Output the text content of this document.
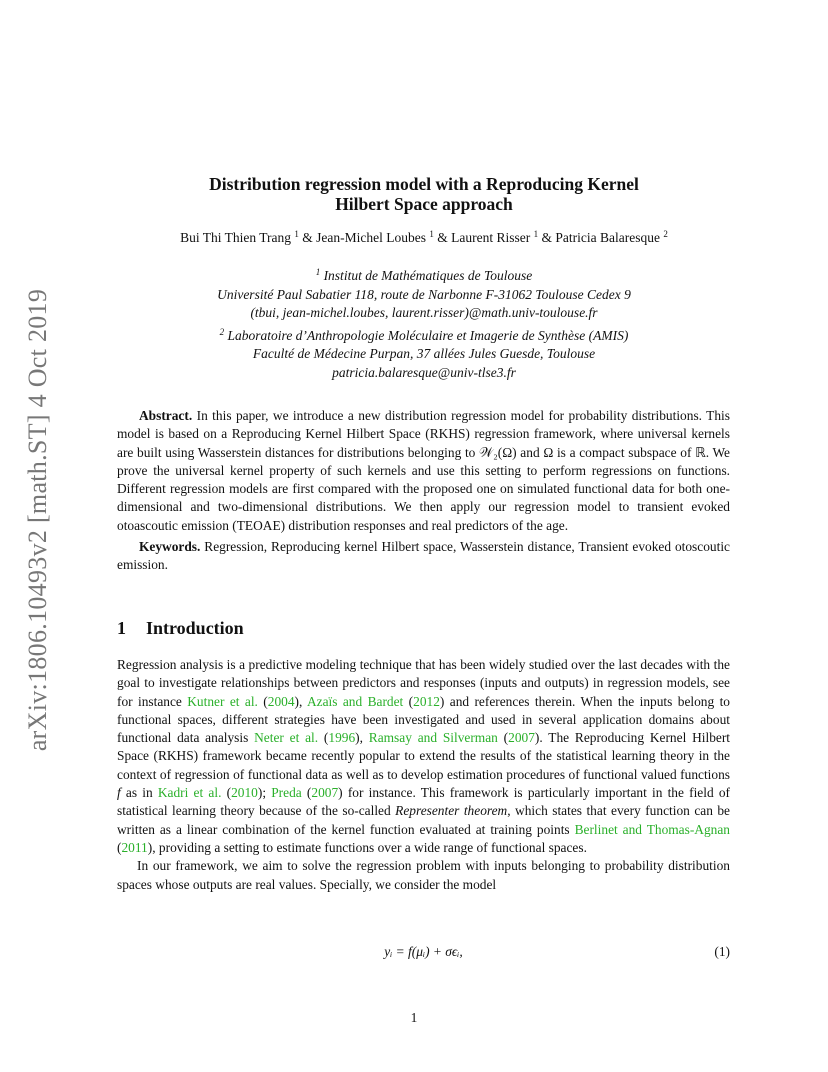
arXiv:1806.10493v2 [math.ST] 4 Oct 2019
Distribution regression model with a Reproducing Kernel
Hilbert Space approach
Bui Thi Thien Trang $^1$ & Jean-Michel Loubes $^1$ & Laurent Risser $^1$ & Patricia Balaresque $^2$
$^1$ Institut de Mathématiques de Toulouse
Université Paul Sabatier 118, route de Narbonne F-31062 Toulouse Cedex 9
(tbui, jean-michel.loubes, laurent.risser)@math.univ-toulouse.fr
$^2$ Laboratoire d’Anthropologie Moléculaire et Imagerie de Synthèse (AMIS)
Faculté de Médecine Purpan, 37 allées Jules Guesde, Toulouse
patricia.balaresque@univ-tlse3.fr

Abstract. In this paper, we introduce a new distribution regression model for probability distributions. This model is based on a Reproducing Kernel Hilbert Space (RKHS) regression framework, where universal kernels are built using Wasserstein distances for distributions belonging to 𝒲₂(Ω) and Ω is a compact subspace of ℝ. We prove the universal kernel property of such kernels and use this setting to perform regressions on functions. Different regression models are first compared with the proposed one on simulated functional data for both one-dimensional and two-dimensional distributions. We then apply our regression model to transient evoked otoascoutic emission (TEOAE) distribution responses and real predictors of the age.

Keywords. Regression, Reproducing kernel Hilbert space, Wasserstein distance, Transient evoked otoscoutic emission.

1 Introduction

Regression analysis is a predictive modeling technique that has been widely studied over the last decades with the goal to investigate relationships between predictors and responses (inputs and outputs) in regression models, see for instance Kutner et al. (2004), Azaïs and Bardet (2012) and references therein. When the inputs belong to functional spaces, different strategies have been investigated and used in several application domains about functional data analysis Neter et al. (1996), Ramsay and Silverman (2007). The Reproducing Kernel Hilbert Space (RKHS) framework became recently popular to extend the results of the statistical learning theory in the context of regression of functional data as well as to develop estimation procedures of functional valued functions f as in Kadri et al. (2010); Preda (2007) for instance. This framework is particularly important in the field of statistical learning theory because of the so-called Representer theorem, which states that every function can be written as a linear combination of the kernel function evaluated at training points Berlinet and Thomas-Agnan (2011), providing a setting to estimate functions over a wide range of functional spaces.

In our framework, we aim to solve the regression problem with inputs belonging to probability distribution spaces whose outputs are real values. Specially, we consider the model

yᵢ = f(μᵢ) + σϵᵢ,	(1)
1
